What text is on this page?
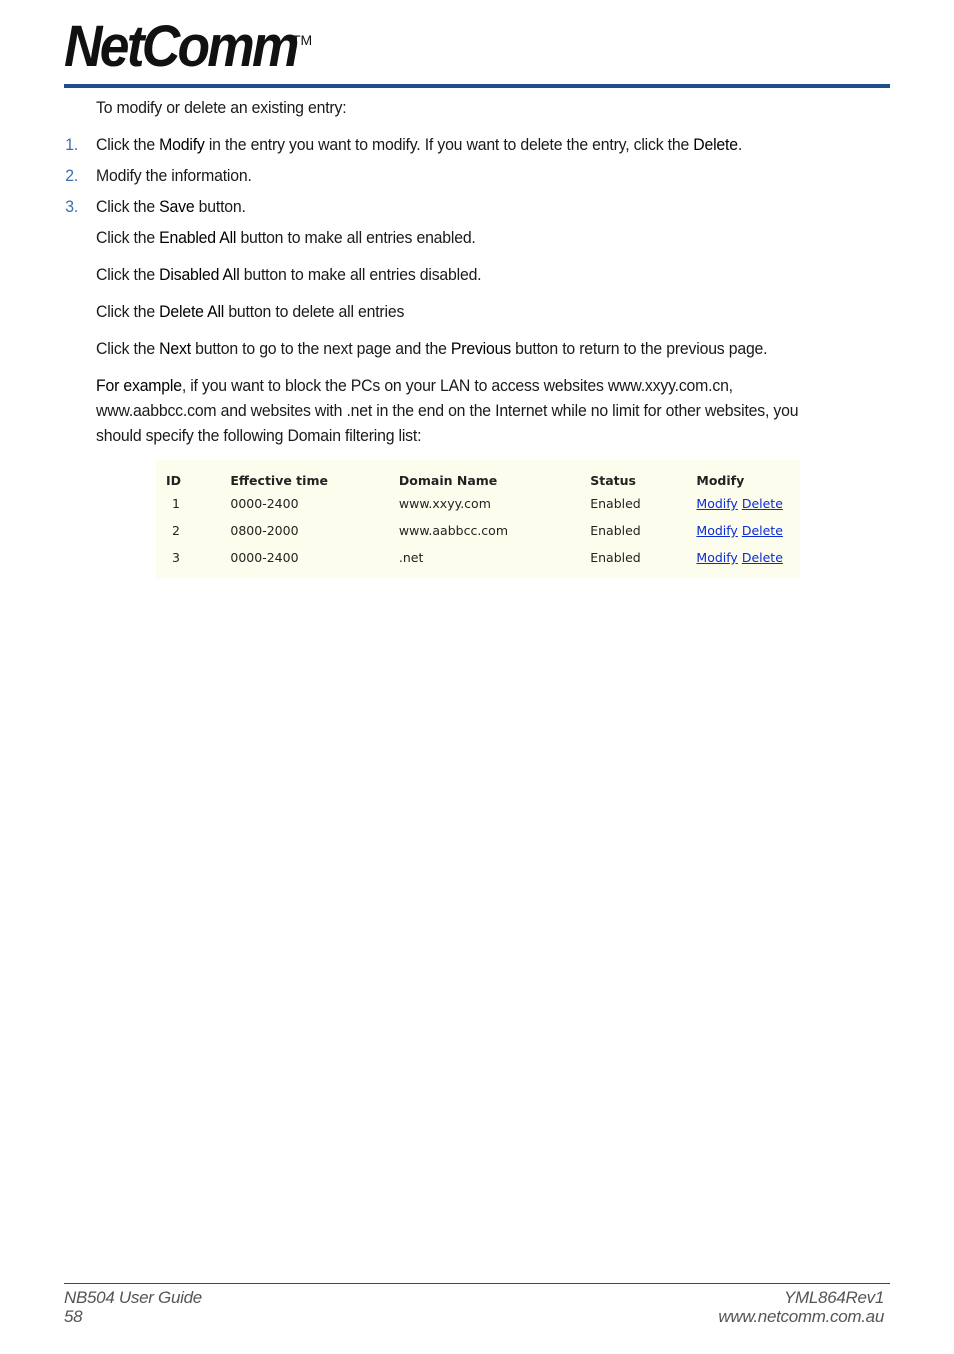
NetComm
TM

To modify or delete an existing entry:

1.	Click the Modify in the entry you want to modify. If you want to delete the entry, click the Delete.
2.	Modify the information.
3.	Click the Save button.

Click the Enabled All button to make all entries enabled.

Click the Disabled All button to make all entries disabled.

Click the Delete All button to delete all entries

Click the Next button to go to the next page and the Previous button to return to the previous page.

For example, if you want to block the PCs on your LAN to access websites www.xxyy.com.cn, www.aabbcc.com and websites with .net in the end on the Internet while no limit for other websites, you should specify the following Domain filtering list:

ID	Effective time	Domain Name	Status	Modify
1	0000-2400	www.xxyy.com	Enabled	Modify Delete
2	0800-2000	www.aabbcc.com	Enabled	Modify Delete
3	0000-2400	.net	Enabled	Modify Delete
NB504 User Guide
58
YML864Rev1
www.netcomm.com.au
